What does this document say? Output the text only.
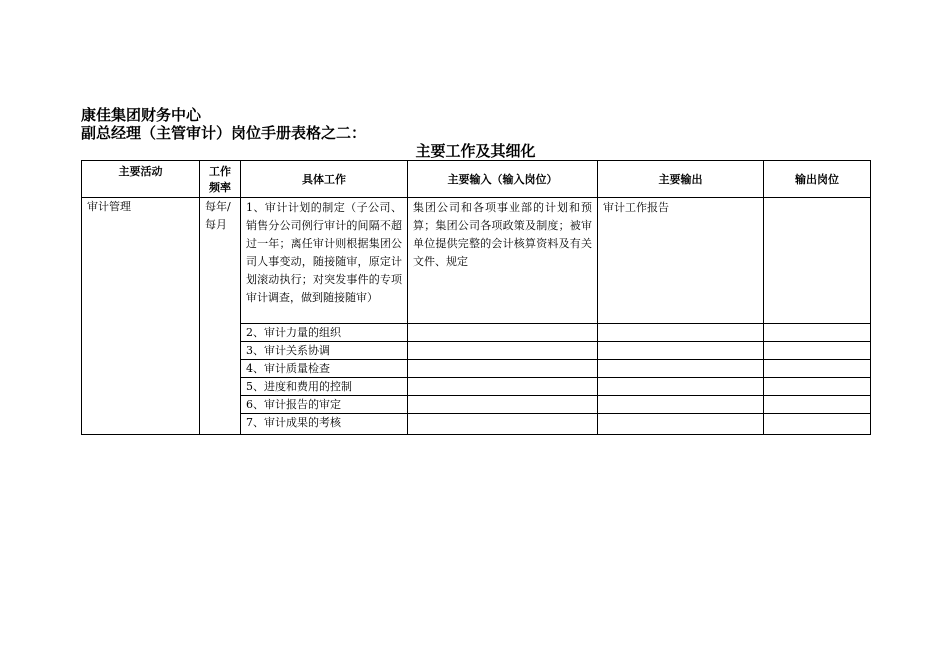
康佳集团财务中心
副总经理（主管审计）岗位手册表格之二：
主要工作及其细化
主要活动	工作频率	具体工作	主要输入（输入岗位）	主要输出	输出岗位
审计管理	每年/每月	1、审计计划的制定（子公司、销售分公司例行审计的间隔不超过一年；离任审计则根据集团公司人事变动，随接随审，原定计划滚动执行；对突发事件的专项审计调查，做到随接随审）	集团公司和各项事业部的计划和预算；集团公司各项政策及制度；被审单位提供完整的会计核算资料及有关文件、规定	审计工作报告	
		2、审计力量的组织			
		3、审计关系协调			
		4、审计质量检查			
		5、进度和费用的控制			
		6、审计报告的审定			
		7、审计成果的考核			
